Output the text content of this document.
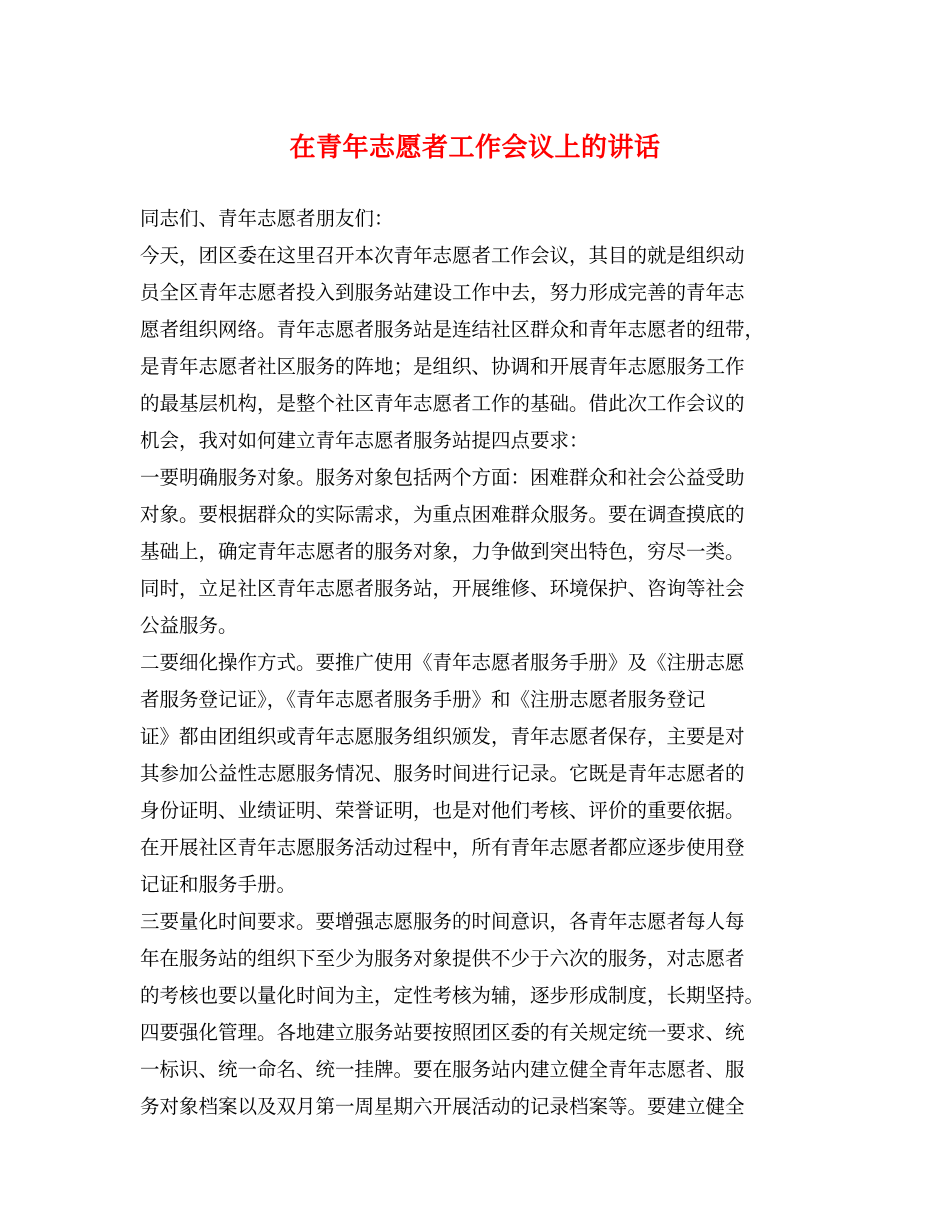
在青年志愿者工作会议上的讲话
同志们、青年志愿者朋友们：
今天，团区委在这里召开本次青年志愿者工作会议，其目的就是组织动
员全区青年志愿者投入到服务站建设工作中去，努力形成完善的青年志
愿者组织网络。青年志愿者服务站是连结社区群众和青年志愿者的纽带，
是青年志愿者社区服务的阵地；是组织、协调和开展青年志愿服务工作
的最基层机构，是整个社区青年志愿者工作的基础。借此次工作会议的
机会，我对如何建立青年志愿者服务站提四点要求：
一要明确服务对象。服务对象包括两个方面：困难群众和社会公益受助
对象。要根据群众的实际需求，为重点困难群众服务。要在调查摸底的
基础上，确定青年志愿者的服务对象，力争做到突出特色，穷尽一类。
同时，立足社区青年志愿者服务站，开展维修、环境保护、咨询等社会
公益服务。
二要细化操作方式。要推广使用《青年志愿者服务手册》及《注册志愿
者服务登记证》，《青年志愿者服务手册》和《注册志愿者服务登记
证》都由团组织或青年志愿服务组织颁发，青年志愿者保存，主要是对
其参加公益性志愿服务情况、服务时间进行记录。它既是青年志愿者的
身份证明、业绩证明、荣誉证明，也是对他们考核、评价的重要依据。
在开展社区青年志愿服务活动过程中，所有青年志愿者都应逐步使用登
记证和服务手册。
三要量化时间要求。要增强志愿服务的时间意识，各青年志愿者每人每
年在服务站的组织下至少为服务对象提供不少于六次的服务，对志愿者
的考核也要以量化时间为主，定性考核为辅，逐步形成制度，长期坚持。
四要强化管理。各地建立服务站要按照团区委的有关规定统一要求、统
一标识、统一命名、统一挂牌。要在服务站内建立健全青年志愿者、服
务对象档案以及双月第一周星期六开展活动的记录档案等。要建立健全
